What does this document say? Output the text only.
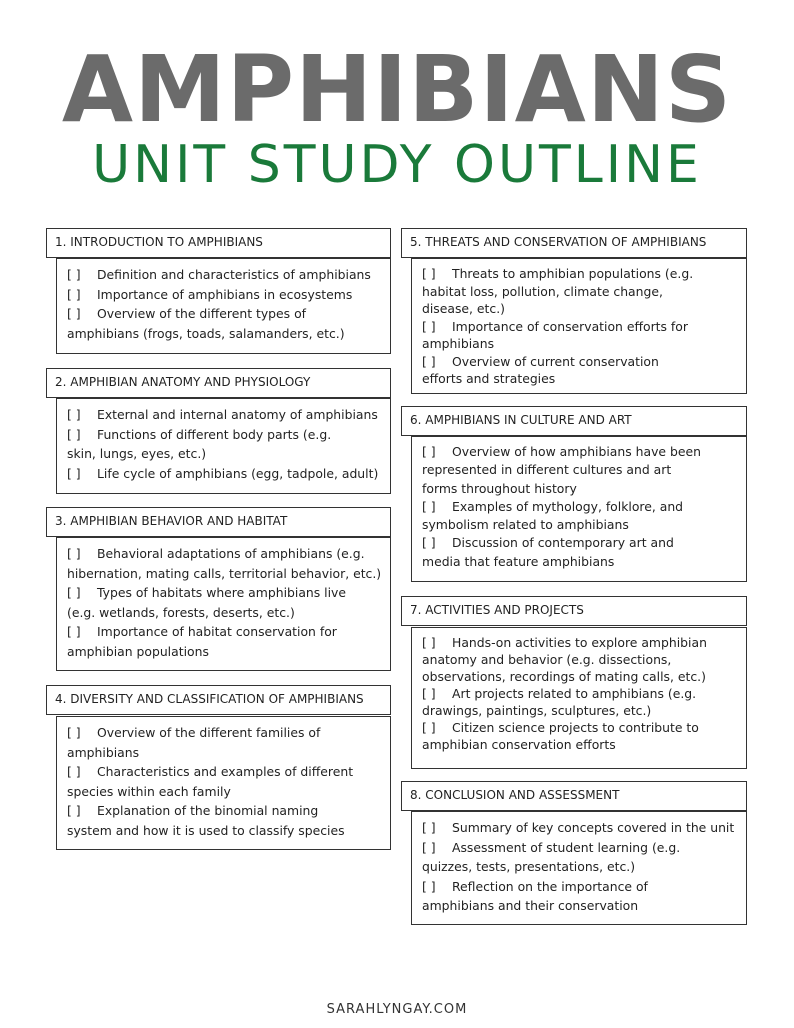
AMPHIBIANS
UNIT STUDY OUTLINE
[ ] Definition and characteristics of amphibians
[ ] Importance of amphibians in ecosystems
[ ] Overview of the different types of
amphibians (frogs, toads, salamanders, etc.)
1. INTRODUCTION TO AMPHIBIANS
[ ] External and internal anatomy of amphibians
[ ] Functions of different body parts (e.g.
skin, lungs, eyes, etc.)
[ ] Life cycle of amphibians (egg, tadpole, adult)
2. AMPHIBIAN ANATOMY AND PHYSIOLOGY
[ ] Behavioral adaptations of amphibians (e.g.
hibernation, mating calls, territorial behavior, etc.)
[ ] Types of habitats where amphibians live
(e.g. wetlands, forests, deserts, etc.)
[ ] Importance of habitat conservation for
amphibian populations
3. AMPHIBIAN BEHAVIOR AND HABITAT
[ ] Overview of the different families of
amphibians
[ ] Characteristics and examples of different
species within each family
[ ] Explanation of the binomial naming
system and how it is used to classify species
4. DIVERSITY AND CLASSIFICATION OF AMPHIBIANS
[ ] Threats to amphibian populations (e.g.
habitat loss, pollution, climate change,
disease, etc.)
[ ] Importance of conservation efforts for
amphibians
[ ] Overview of current conservation
efforts and strategies
5. THREATS AND CONSERVATION OF AMPHIBIANS
[ ] Overview of how amphibians have been
represented in different cultures and art
forms throughout history
[ ] Examples of mythology, folklore, and
symbolism related to amphibians
[ ] Discussion of contemporary art and
media that feature amphibians
6. AMPHIBIANS IN CULTURE AND ART
[ ] Hands-on activities to explore amphibian
anatomy and behavior (e.g. dissections,
observations, recordings of mating calls, etc.)
[ ] Art projects related to amphibians (e.g.
drawings, paintings, sculptures, etc.)
[ ] Citizen science projects to contribute to
amphibian conservation efforts
7. ACTIVITIES AND PROJECTS
[ ] Summary of key concepts covered in the unit
[ ] Assessment of student learning (e.g.
quizzes, tests, presentations, etc.)
[ ] Reflection on the importance of
amphibians and their conservation
8. CONCLUSION AND ASSESSMENT
SARAHLYNGAY.COM
